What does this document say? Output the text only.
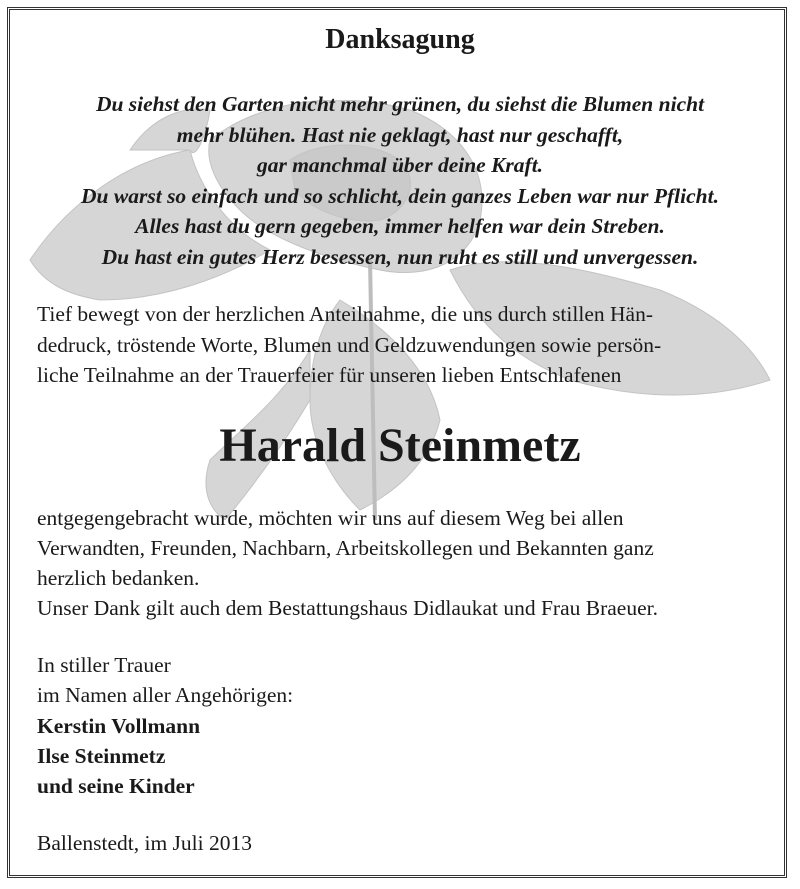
Danksagung

Du siehst den Garten nicht mehr grünen, du siehst die Blumen nicht

mehr blühen. Hast nie geklagt, hast nur geschafft,

gar manchmal über deine Kraft.

Du warst so einfach und so schlicht, dein ganzes Leben war nur Pflicht.

Alles hast du gern gegeben, immer helfen war dein Streben.

Du hast ein gutes Herz besessen, nun ruht es still und unvergessen.

Tief bewegt von der herzlichen Anteilnahme, die uns durch stillen Hän-

dedruck, tröstende Worte, Blumen und Geldzuwendungen sowie persön-

liche Teilnahme an der Trauerfeier für unseren lieben Entschlafenen

Harald Steinmetz

entgegengebracht wurde, möchten wir uns auf diesem Weg bei allen

Verwandten, Freunden, Nachbarn, Arbeitskollegen und Bekannten ganz

herzlich bedanken.

Unser Dank gilt auch dem Bestattungshaus Didlaukat und Frau Braeuer.

In stiller Trauer

im Namen aller Angehörigen:

Kerstin Vollmann

Ilse Steinmetz

und seine Kinder

Ballenstedt, im Juli 2013
